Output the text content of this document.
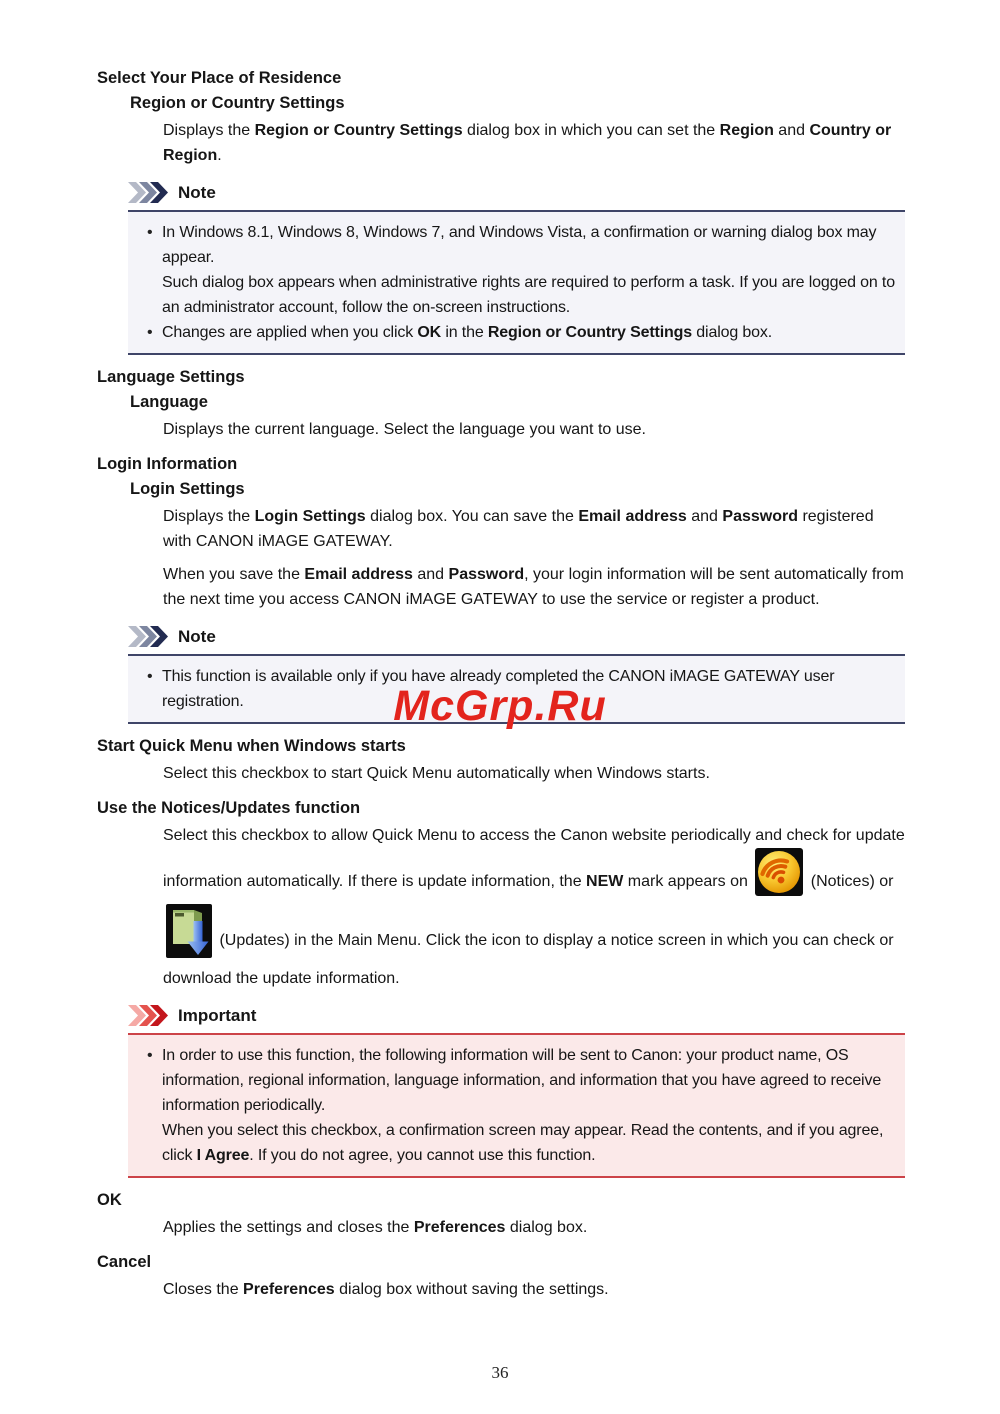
Select Your Place of Residence
Region or Country Settings

Displays the Region or Country Settings dialog box in which you can set the Region and Country or Region.

Note
• In Windows 8.1, Windows 8, Windows 7, and Windows Vista, a confirmation or warning dialog box may appear.
Such dialog box appears when administrative rights are required to perform a task. If you are logged on to an administrator account, follow the on-screen instructions.
• Changes are applied when you click OK in the Region or Country Settings dialog box.
Language Settings
Language

Displays the current language. Select the language you want to use.

Login Information
Login Settings

Displays the Login Settings dialog box. You can save the Email address and Password registered with CANON iMAGE GATEWAY.

When you save the Email address and Password, your login information will be sent automatically from the next time you access CANON iMAGE GATEWAY to use the service or register a product.

Note
• This function is available only if you have already completed the CANON iMAGE GATEWAY user registration.
Start Quick Menu when Windows starts

Select this checkbox to start Quick Menu automatically when Windows starts.

Use the Notices/Updates function

Select this checkbox to allow Quick Menu to access the Canon website periodically and check for update information automatically. If there is update information, the NEW mark appears on	(Notices) or  (Updates) in the Main Menu. Click the icon to display a notice screen in which you can check or download the update information.

Important
• In order to use this function, the following information will be sent to Canon: your product name, OS information, regional information, language information, and information that you have agreed to receive information periodically.
When you select this checkbox, a confirmation screen may appear. Read the contents, and if you agree, click I Agree. If you do not agree, you cannot use this function.
OK

Applies the settings and closes the Preferences dialog box.

Cancel

Closes the Preferences dialog box without saving the settings.

McGrp.Ru
36
